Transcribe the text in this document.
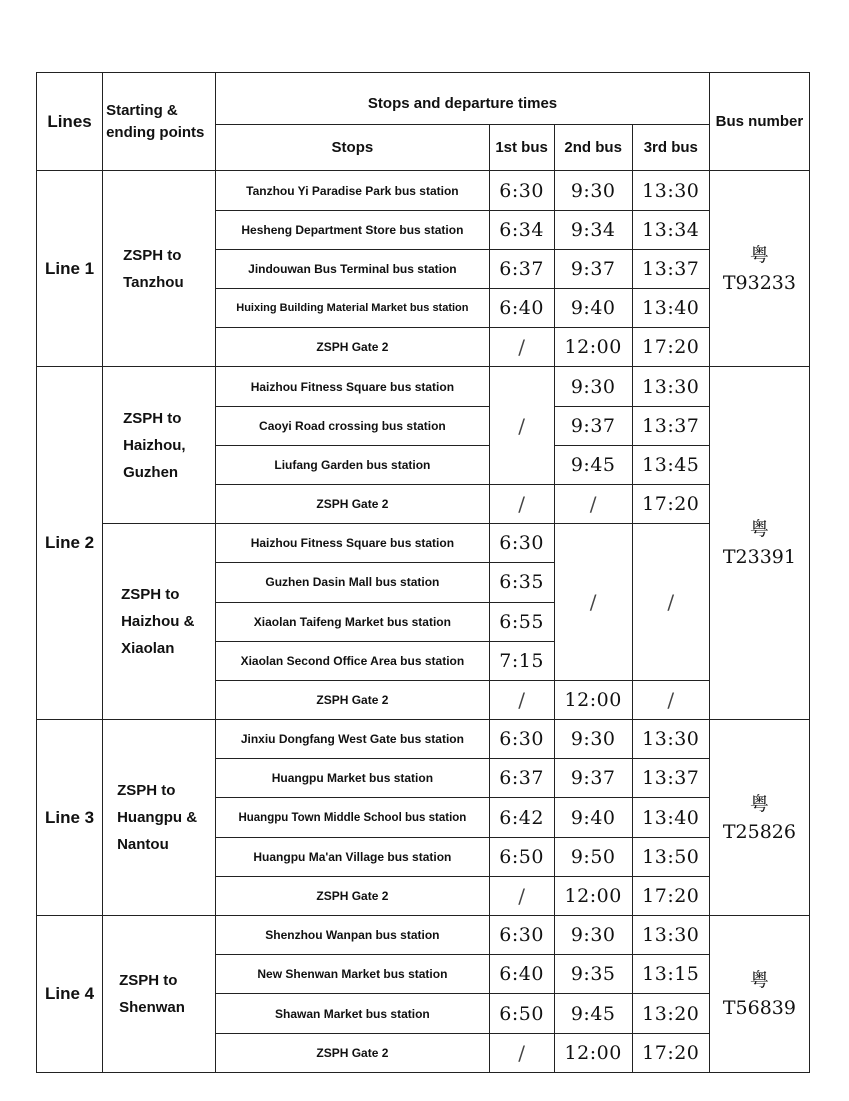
Lines	Starting & ending points	Stops and departure times				Bus number
		Stops	1st bus	2nd bus	3rd bus	
Line 1	ZSPH to Tanzhou	Tanzhou Yi Paradise Park bus station	6:30	9:30	13:30	粤
T93233

		Hesheng Department Store bus station	6:34	9:34	13:34	
		Jindouwan Bus Terminal bus station	6:37	9:37	13:37	
		Huixing Building Material Market bus station	6:40	9:40	13:40	
		ZSPH Gate 2	/	12:00	17:20	
Line 2	ZSPH to Haizhou, Guzhen	Haizhou Fitness Square bus station	/	9:30	13:30	粤
T23391

		Caoyi Road crossing bus station		9:37	13:37	
		Liufang Garden bus station		9:45	13:45	
		ZSPH Gate 2	/	/	17:20	
	ZSPH to Haizhou & Xiaolan	Haizhou Fitness Square bus station	6:30	/	/	
		Guzhen Dasin Mall bus station	6:35			
		Xiaolan Taifeng Market bus station	6:55			
		Xiaolan Second Office Area bus station	7:15			
		ZSPH Gate 2	/	12:00	/	
Line 3	ZSPH to Huangpu & Nantou	Jinxiu Dongfang West Gate bus station	6:30	9:30	13:30	粤
T25826

		Huangpu Market bus station	6:37	9:37	13:37	
		Huangpu Town Middle School bus station	6:42	9:40	13:40	
		Huangpu Ma'an Village bus station	6:50	9:50	13:50	
		ZSPH Gate 2	/	12:00	17:20	
Line 4	ZSPH to Shenwan	Shenzhou Wanpan bus station	6:30	9:30	13:30	粤
T56839

		New Shenwan Market bus station	6:40	9:35	13:15	
		Shawan Market bus station	6:50	9:45	13:20	
		ZSPH Gate 2	/	12:00	17:20	
